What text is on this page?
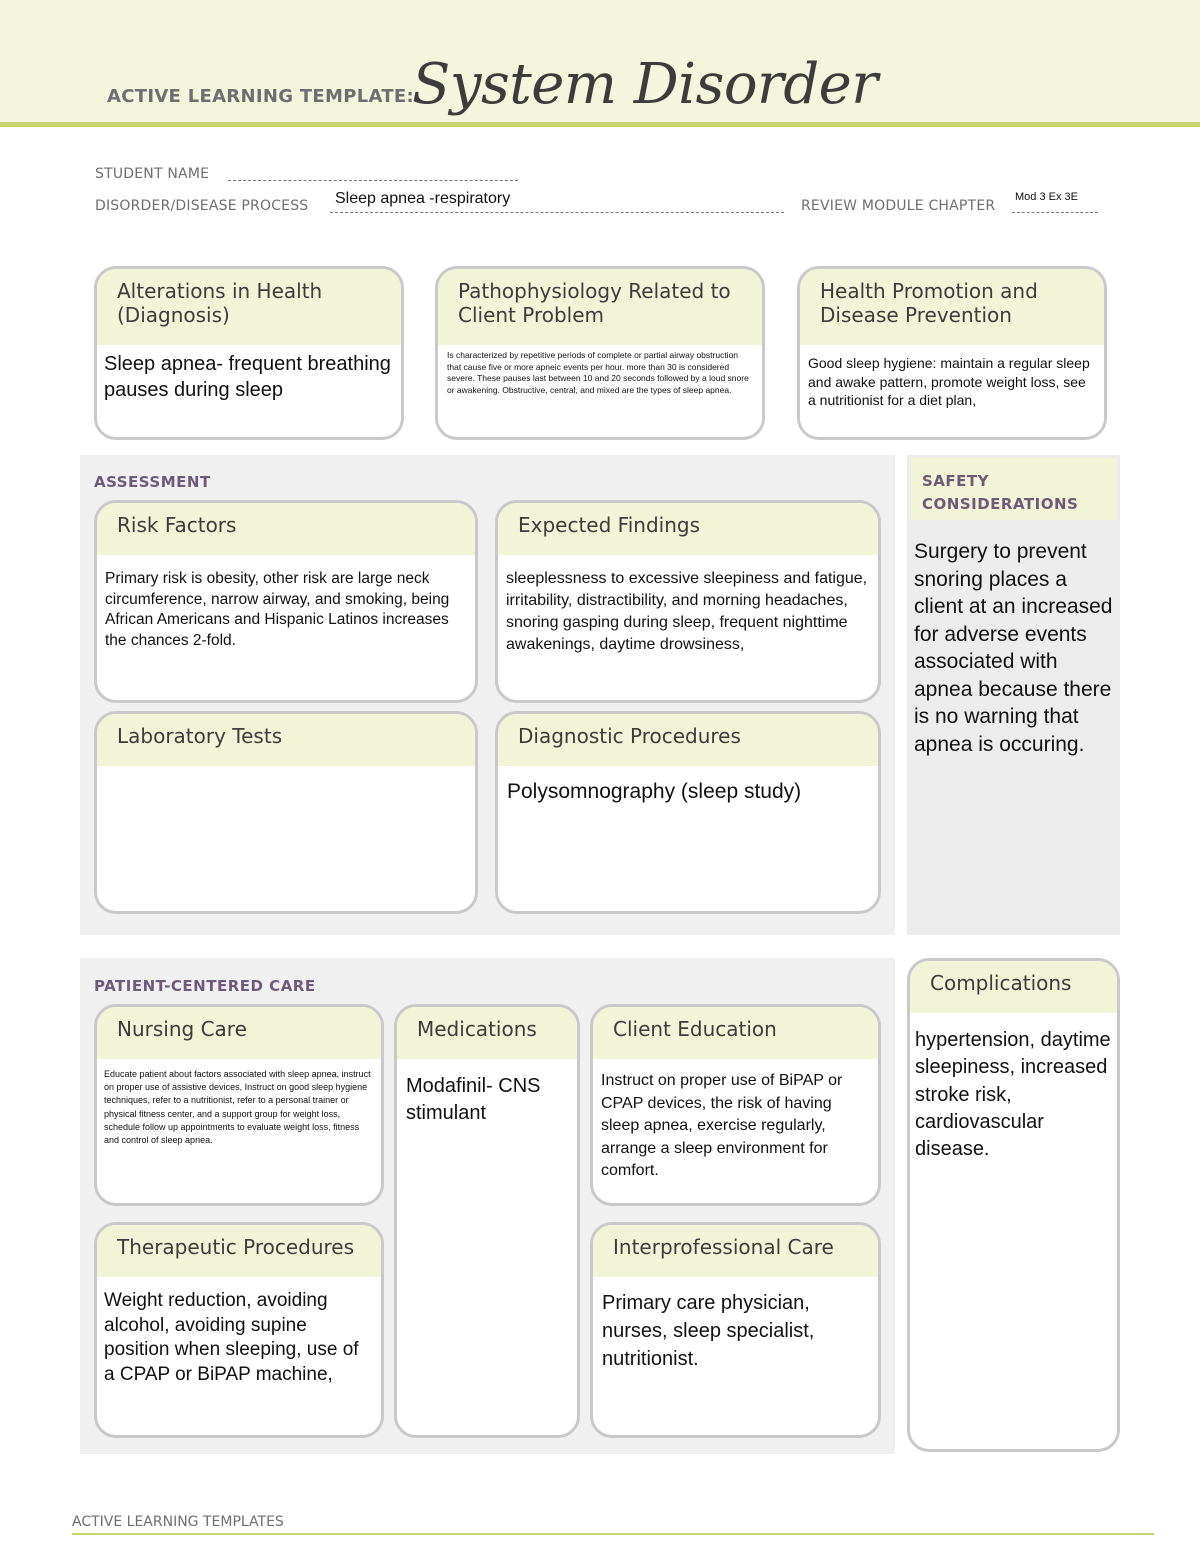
ACTIVE LEARNING TEMPLATE:
System Disorder
STUDENT NAME
DISORDER/DISEASE PROCESS Sleep apnea -respiratory	REVIEW MODULE CHAPTER
Mod 3 Ex 3E
Alterations in Health (Diagnosis)
Sleep apnea- frequent breathing pauses during sleep
Pathophysiology Related to Client Problem
Is characterized by repetitive periods of complete or partial airway obstruction that cause five or more apneic events per hour. more than 30 is considered severe. These pauses last between 10 and 20 seconds followed by a loud snore or awakening. Obstructive, central, and mixed are the types of sleep apnea.
Health Promotion and Disease Prevention
Good sleep hygiene: maintain a regular sleep and awake pattern, promote weight loss, see a nutritionist for a diet plan,
ASSESSMENT
Risk Factors
Primary risk is obesity, other risk are large neck circumference, narrow airway, and smoking, being African Americans and Hispanic Latinos increases the chances 2-fold.
Expected Findings
sleeplessness to excessive sleepiness and fatigue, irritability, distractibility, and morning headaches, snoring gasping during sleep, frequent nighttime awakenings, daytime drowsiness,
Laboratory Tests	Diagnostic Procedures
Polysomnography (sleep study)
SAFETY
CONSIDERATIONS
Surgery to prevent snoring places a client at an increased for adverse events associated with apnea because there is no warning that apnea is occuring.
PATIENT-CENTERED CARE
Nursing Care
Educate patient about factors associated with sleep apnea, instruct on proper use of assistive devices, Instruct on good sleep hygiene techniques, refer to a nutritionist, refer to a personal trainer or physical fitness center, and a support group for weight loss, schedule follow up appointments to evaluate weight loss, fitness and control of sleep apnea.
Medications
Modafinil- CNS stimulant
Client Education
Instruct on proper use of BiPAP or CPAP devices, the risk of having sleep apnea, exercise regularly, arrange a sleep environment for comfort.
Therapeutic Procedures
Weight reduction, avoiding alcohol, avoiding supine position when sleeping, use of a CPAP or BiPAP machine,
Interprofessional Care
Primary care physician, nurses, sleep specialist, nutritionist.
Complications
hypertension, daytime sleepiness, increased stroke risk, cardiovascular disease.
ACTIVE LEARNING TEMPLATES
